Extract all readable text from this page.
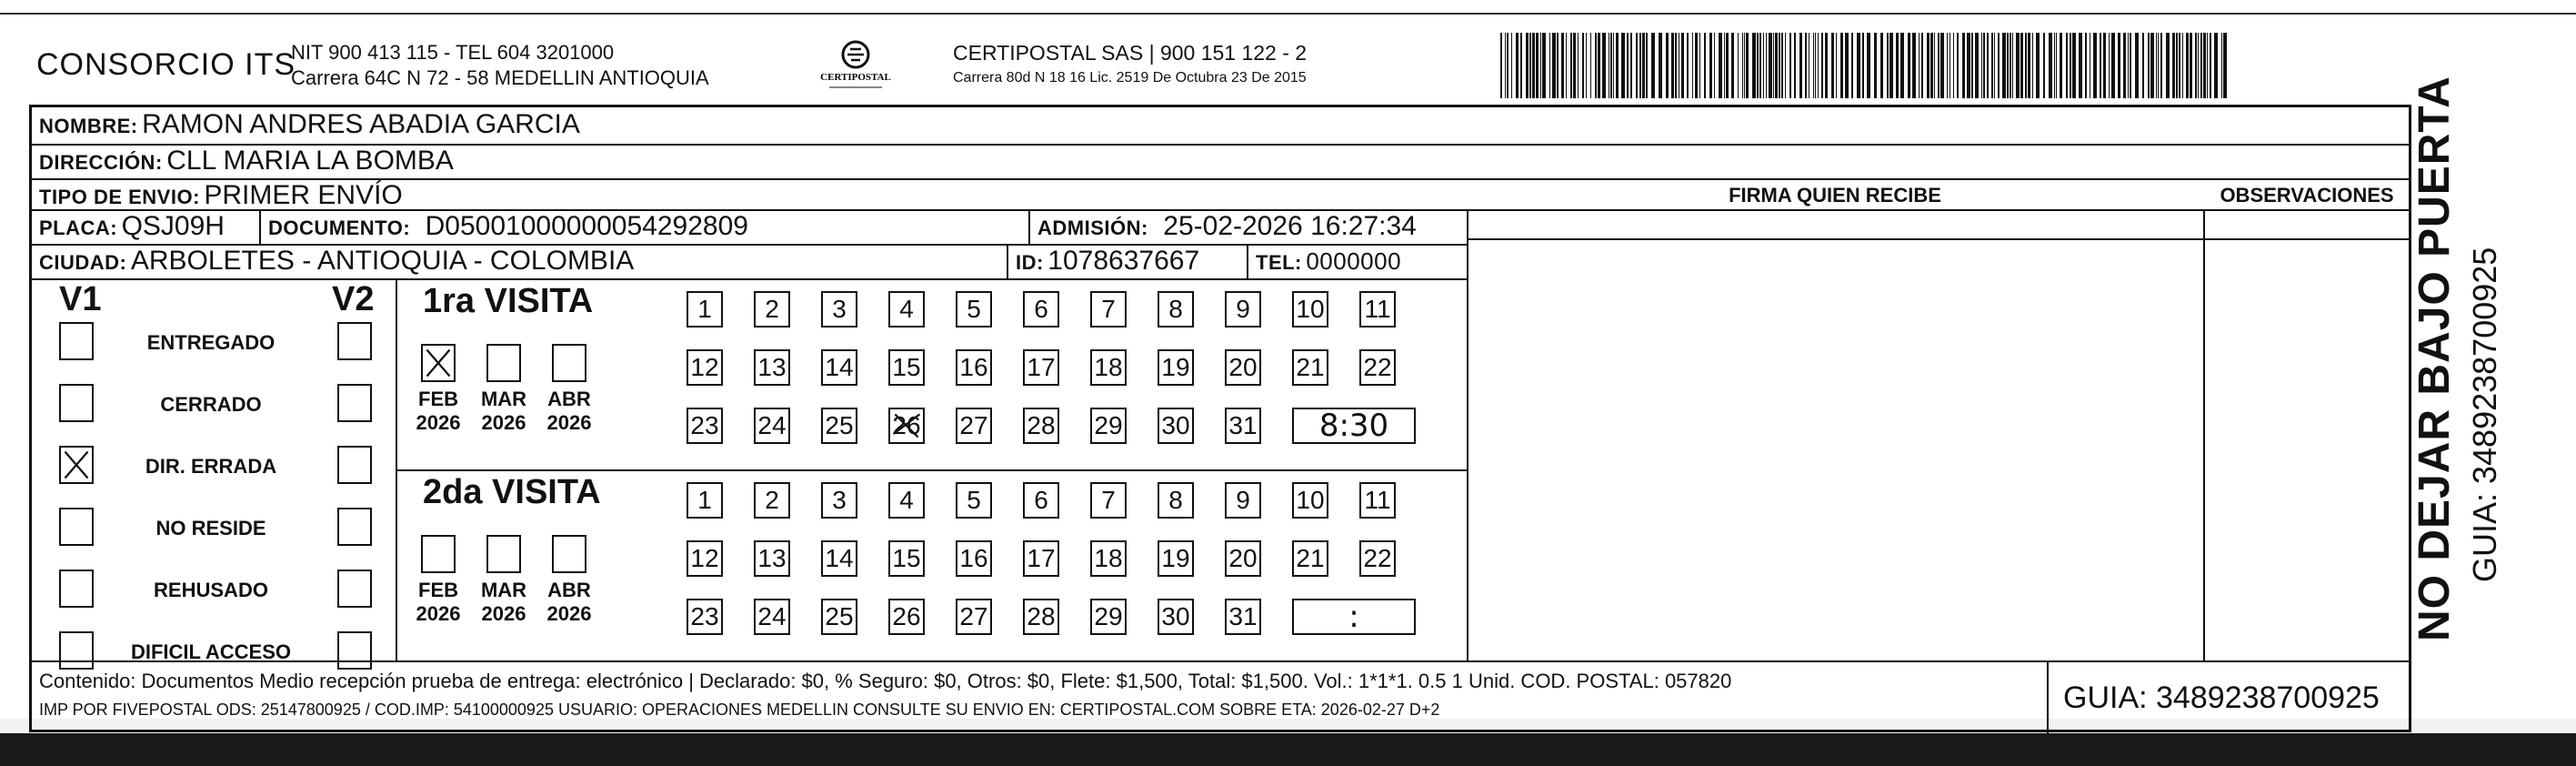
CONSORCIO ITS
NIT 900 413 115 - TEL 604 3201000
Carrera 64C N 72 - 58 MEDELLIN ANTIOQUIA	CERTIPOSTAL
CERTIPOSTAL SAS | 900 151 122 - 2
Carrera 80d N 18 16 Lic. 2519 De Octubra 23 De 2015
NOMBRE: RAMON ANDRES ABADIA GARCIA
DIRECCIÓN: CLL MARIA LA BOMBA
TIPO DE ENVIO: PRIMER ENVÍO	FIRMA QUIEN RECIBE	OBSERVACIONES
PLACA: QSJ09H DOCUMENTO: D05001000000054292809	ADMISIÓN: 25-02-2026 16:27:34
CIUDAD: ARBOLETES - ANTIOQUIA - COLOMBIA	ID: 1078637667	TEL: 0000000
V1	V2
ENTREGADO
CERRADO
DIR. ERRADA
NO RESIDE
REHUSADO
DIFICIL ACCESO
1ra VISITA
FEB
2026
MAR
2026
ABR
2026
1	2	3	4	5	6	7	8	9	10 11
12 13 14 15 16 17 18 19 20 21 22
23 24 25 26 27 28 29 30 31	8:30
2da VISITA
FEB
2026
MAR
2026
ABR
2026
1	2	3	4	5	6	7	8	9	10 11
12 13 14 15 16 17 18 19 20 21 22
23 24 25 26 27 28 29 30 31	:
Contenido: Documentos Medio recepción prueba de entrega: electrónico | Declarado: $0, % Seguro: $0, Otros: $0, Flete: $1,500, Total: $1,500. Vol.: 1*1*1. 0.5 1 Unid. COD. POSTAL: 057820
IMP POR FIVEPOSTAL ODS: 25147800925 / COD.IMP: 54100000925 USUARIO: OPERACIONES MEDELLIN CONSULTE SU ENVIO EN: CERTIPOSTAL.COM SOBRE ETA: 2026-02-27 D+2	GUIA: 3489238700925
NO DEJAR BAJO PUERTA GUIA: 3489238700925
